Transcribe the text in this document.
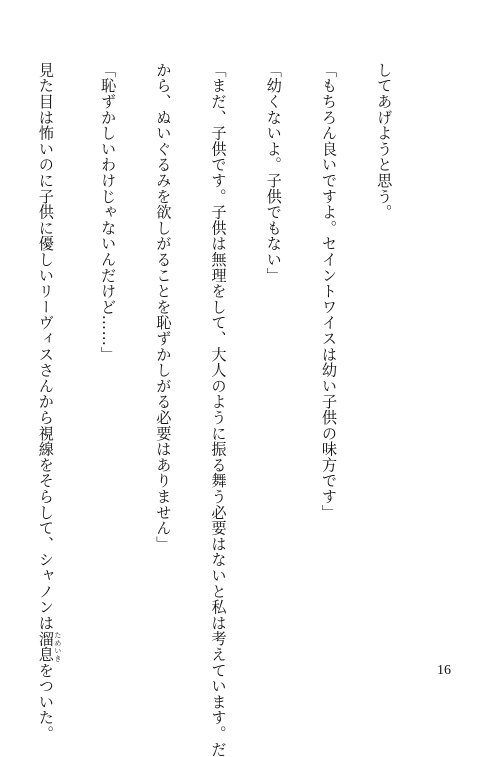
してあげようと思う。

「もちろん良いですよ。セイントワイスは幼い子供の味方です」

「幼くないよ。子供でもない」

「まだ、子供です。子供は無理をして、大人のように振る舞う必要はないと私は考えています。だ

から、ぬいぐるみを欲しがることを恥ずかしがる必要はありません」

「恥ずかしいわけじゃないんだけど……」

見た目は怖いのに子供に優しいリーヴィスさんから視線をそらして、シャノンは溜息 ためいきをついた。

	16
